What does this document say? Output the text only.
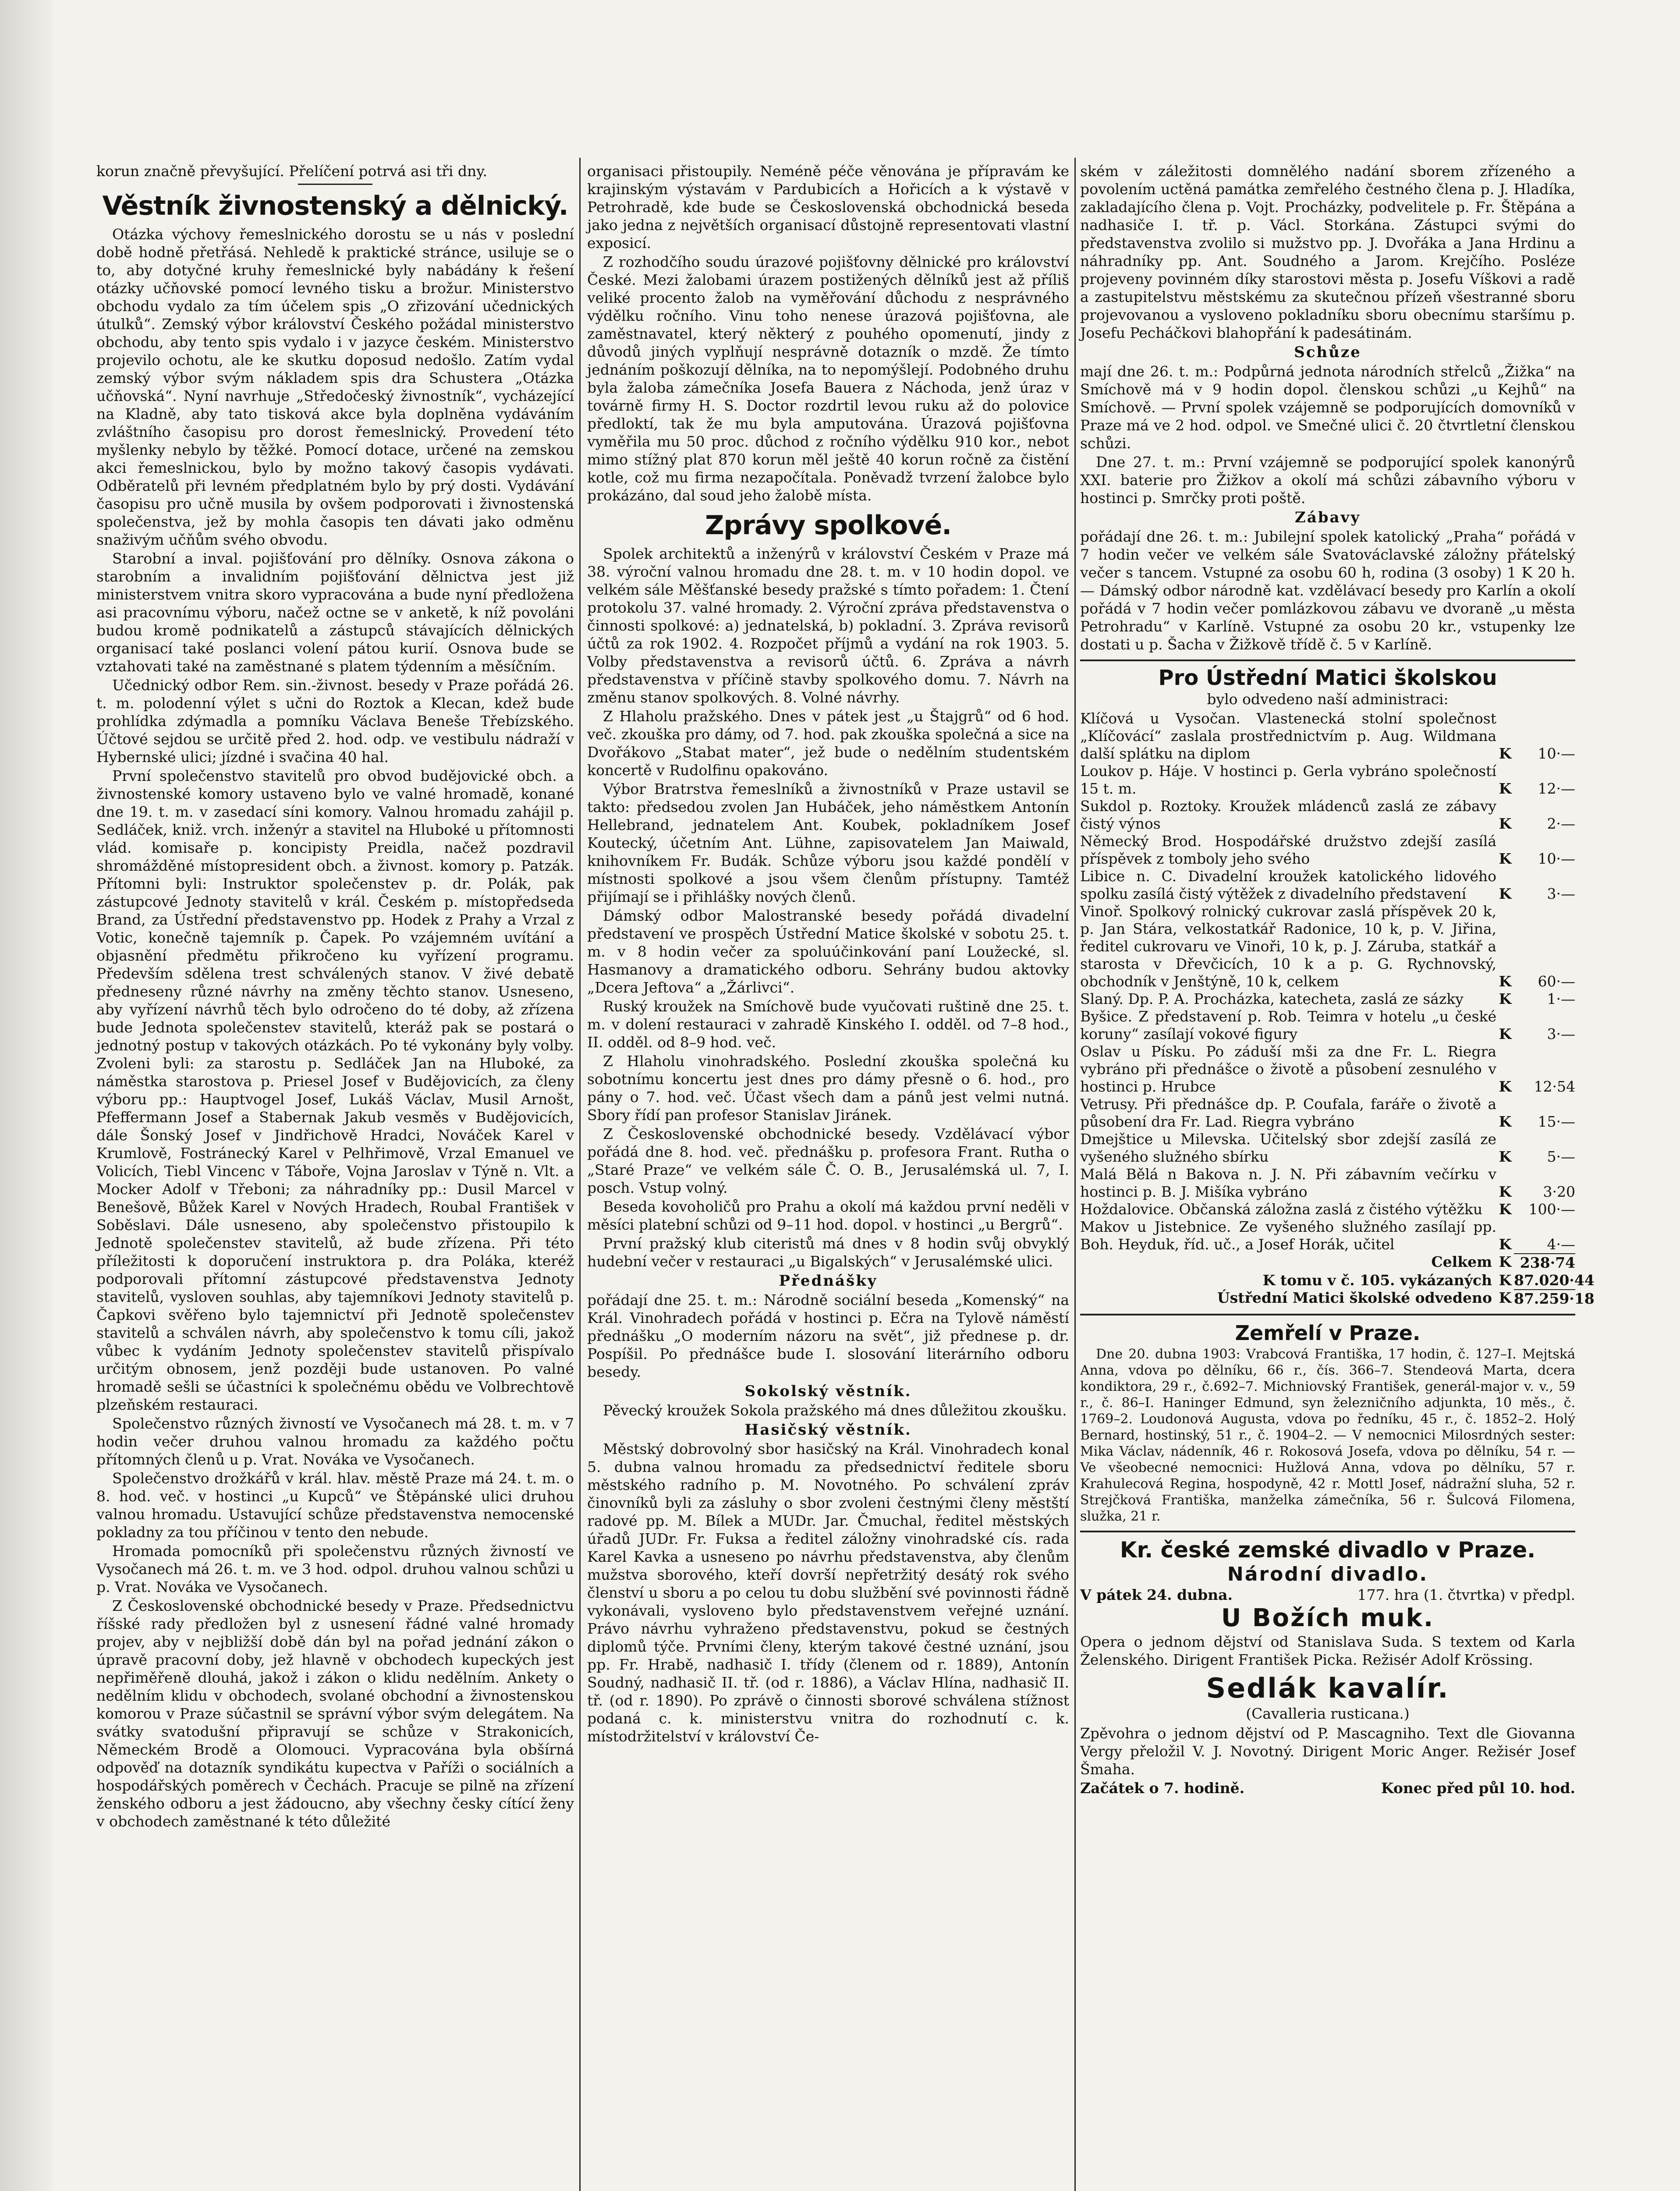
korun značně převyšující. Přelíčení potrvá asi tři dny.

Věstník živnostenský a dělnický.

Otázka výchovy řemeslnického dorostu se u nás v poslední době hodně přetřásá. Nehledě k praktické stránce, usiluje se o to, aby dotyčné kruhy řemeslnické byly nabádány k řešení otázky učňovské pomocí levného tisku a brožur. Ministerstvo obchodu vydalo za tím účelem spis „O zřizování učednických útulků“. Zemský výbor království Českého požádal ministerstvo obchodu, aby tento spis vydalo i v jazyce českém. Ministerstvo projevilo ochotu, ale ke skutku doposud nedošlo. Zatím vydal zemský výbor svým nákladem spis dra Schustera „Otázka učňovská“. Nyní navrhuje „Středočeský živnostník“, vycházející na Kladně, aby tato tisková akce byla doplněna vydáváním zvláštního časopisu pro dorost řemeslnický. Provedení této myšlenky nebylo by těžké. Pomocí dotace, určené na zemskou akci řemeslnickou, bylo by možno takový časopis vydávati. Odběratelů při levném předplatném bylo by prý dosti. Vydávání časopisu pro učně musila by ovšem podporovati i živnostenská společenstva, jež by mohla časopis ten dávati jako odměnu snaživým učňům svého obvodu.

Starobní a inval. pojišťování pro dělníky. Osnova zákona o starobním a invalidním pojišťování dělnictva jest již ministerstvem vnitra skoro vypracována a bude nyní předložena asi pracovnímu výboru, načež octne se v anketě, k níž povoláni budou kromě podnikatelů a zástupců stávajících dělnických organisací také poslanci volení pátou kurií. Osnova bude se vztahovati také na zaměstnané s platem týdenním a měsíčním.

Učednický odbor Rem. sin.-živnost. besedy v Praze pořádá 26. t. m. polodenní výlet s učni do Roztok a Klecan, kdež bude prohlídka zdýmadla a pomníku Václava Beneše Třebízského. Účtové sejdou se určitě před 2. hod. odp. ve vestibulu nádraží v Hybernské ulici; jízdné i svačina 40 hal.

První společenstvo stavitelů pro obvod budějovické obch. a živnostenské komory ustaveno bylo ve valné hromadě, konané dne 19. t. m. v zasedací síni komory. Valnou hromadu zahájil p. Sedláček, kniž. vrch. inženýr a stavitel na Hluboké u přítomnosti vlád. komisaře p. koncipisty Preidla, načež pozdravil shromážděné místopresident obch. a živnost. komory p. Patzák. Přítomni byli: Instruktor společenstev p. dr. Polák, pak zástupcové Jednoty stavitelů v král. Českém p. místopředseda Brand, za Ústřední představenstvo pp. Hodek z Prahy a Vrzal z Votic, konečně tajemník p. Čapek. Po vzájemném uvítání a objasnění předmětu přikročeno ku vyřízení programu. Především sdělena trest schválených stanov. V živé debatě předneseny různé návrhy na změny těchto stanov. Usneseno, aby vyřízení návrhů těch bylo odročeno do té doby, až zřízena bude Jednota společenstev stavitelů, kteráž pak se postará o jednotný postup v takových otázkách. Po té vykonány byly volby. Zvoleni byli: za starostu p. Sedláček Jan na Hluboké, za náměstka starostova p. Priesel Josef v Budějovicích, za členy výboru pp.: Hauptvogel Josef, Lukáš Václav, Musil Arnošt, Pfeffermann Josef a Stabernak Jakub vesměs v Budějovicích, dále Šonský Josef v Jindřichově Hradci, Nováček Karel v Krumlově, Fostránecký Karel v Pelhřimově, Vrzal Emanuel ve Volicích, Tiebl Vincenc v Táboře, Vojna Jaroslav v Týně n. Vlt. a Mocker Adolf v Třeboni; za náhradníky pp.: Dusil Marcel v Benešově, Bůžek Karel v Nových Hradech, Roubal František v Soběslavi. Dále usneseno, aby společenstvo přistoupilo k Jednotě společenstev stavitelů, až bude zřízena. Při této příležitosti k doporučení instruktora p. dra Poláka, kteréž podporovali přítomní zástupcové představenstva Jednoty stavitelů, vysloven souhlas, aby tajemníkovi Jednoty stavitelů p. Čapkovi svěřeno bylo tajemnictví při Jednotě společenstev stavitelů a schválen návrh, aby společenstvo k tomu cíli, jakož vůbec k vydáním Jednoty společenstev stavitelů přispívalo určitým obnosem, jenž později bude ustanoven. Po valné hromadě sešli se účastníci k společnému obědu ve Volbrechtově plzeňském restauraci.

Společenstvo různých živností ve Vysočanech má 28. t. m. v 7 hodin večer druhou valnou hromadu za každého počtu přítomných členů u p. Vrat. Nováka ve Vysočanech.

Společenstvo drožkářů v král. hlav. městě Praze má 24. t. m. o 8. hod. več. v hostinci „u Kupců“ ve Štěpánské ulici druhou valnou hromadu. Ustavující schůze představenstva nemocenské pokladny za tou příčinou v tento den nebude.

Hromada pomocníků při společenstvu různých živností ve Vysočanech má 26. t. m. ve 3 hod. odpol. druhou valnou schůzi u p. Vrat. Nováka ve Vysočanech.

Z Československé obchodnické besedy v Praze. Předsednictvu říšské rady předložen byl z usnesení řádné valné hromady projev, aby v nejbližší době dán byl na pořad jednání zákon o úpravě pracovní doby, jež hlavně v obchodech kupeckých jest nepřiměřeně dlouhá, jakož i zákon o klidu nedělním. Ankety o nedělním klidu v obchodech, svolané obchodní a živnostenskou komorou v Praze súčastnil se správní výbor svým delegátem. Na svátky svatodušní připravují se schůze v Strakonicích, Německém Brodě a Olomouci. Vypracována byla obšírná odpověď na dotazník syndikátu kupectva v Paříži o sociálních a hospodářských poměrech v Čechách. Pracuje se pilně na zřízení ženského odboru a jest žádoucno, aby všechny česky cítící ženy v obchodech zaměstnané k této důležité

organisaci přistoupily. Neméně péče věnována je přípravám ke krajinským výstavám v Pardubicích a Hořicích a k výstavě v Petrohradě, kde bude se Československá obchodnická beseda jako jedna z největších organisací důstojně representovati vlastní exposicí.

Z rozhodčího soudu úrazové pojišťovny dělnické pro království České. Mezi žalobami úrazem postižených dělníků jest až příliš veliké procento žalob na vyměřování důchodu z nesprávného výdělku ročního. Vinu toho nenese úrazová pojišťovna, ale zaměstnavatel, který některý z pouhého opomenutí, jindy z důvodů jiných vyplňují nesprávně dotazník o mzdě. Že tímto jednáním poškozují dělníka, na to nepomýšlejí. Podobného druhu byla žaloba zámečníka Josefa Bauera z Náchoda, jenž úraz v továrně firmy H. S. Doctor rozdrtil levou ruku až do polovice předloktí, tak že mu byla amputována. Úrazová pojišťovna vyměřila mu 50 proc. důchod z ročního výdělku 910 kor., nebot mimo stížný plat 870 korun měl ještě 40 korun ročně za čistění kotle, což mu firma nezapočítala. Poněvadž tvrzení žalobce bylo prokázáno, dal soud jeho žalobě místa.

Zprávy spolkové.

Spolek architektů a inženýrů v království Českém v Praze má 38. výroční valnou hromadu dne 28. t. m. v 10 hodin dopol. ve velkém sále Měšťanské besedy pražské s tímto pořadem: 1. Čtení protokolu 37. valné hromady. 2. Výroční zpráva představenstva o činnosti spolkové: a) jednatelská, b) pokladní. 3. Zpráva revisorů účtů za rok 1902. 4. Rozpočet příjmů a vydání na rok 1903. 5. Volby představenstva a revisorů účtů. 6. Zpráva a návrh představenstva v příčině stavby spolkového domu. 7. Návrh na změnu stanov spolkových. 8. Volné návrhy.

Z Hlaholu pražského. Dnes v pátek jest „u Štajgrů“ od 6 hod. več. zkouška pro dámy, od 7. hod. pak zkouška společná a sice na Dvořákovo „Stabat mater“, jež bude o nedělním studentském koncertě v Rudolfinu opakováno.

Výbor Bratrstva řemeslníků a živnostníků v Praze ustavil se takto: předsedou zvolen Jan Hubáček, jeho náměstkem Antonín Hellebrand, jednatelem Ant. Koubek, pokladníkem Josef Koutecký, účetním Ant. Lühne, zapisovatelem Jan Maiwald, knihovníkem Fr. Budák. Schůze výboru jsou každé pondělí v místnosti spolkové a jsou všem členům přístupny. Tamtéž přijímají se i přihlášky nových členů.

Dámský odbor Malostranské besedy pořádá divadelní představení ve prospěch Ústřední Matice školské v sobotu 25. t. m. v 8 hodin večer za spoluúčinkování paní Loužecké, sl. Hasmanovy a dramatického odboru. Sehrány budou aktovky „Dcera Jeftova“ a „Žárlivci“.

Ruský kroužek na Smíchově bude vyučovati ruštině dne 25. t. m. v dolení restauraci v zahradě Kinského I. odděl. od 7–8 hod., II. odděl. od 8–9 hod. več.

Z Hlaholu vinohradského. Poslední zkouška společná ku sobotnímu koncertu jest dnes pro dámy přesně o 6. hod., pro pány o 7. hod. več. Účast všech dam a pánů jest velmi nutná. Sbory řídí pan profesor Stanislav Jiránek.

Z Československé obchodnické besedy. Vzdělávací výbor pořádá dne 8. hod. več. přednášku p. profesora Frant. Rutha o „Staré Praze“ ve velkém sále Č. O. B., Jerusalémská ul. 7, I. posch. Vstup volný.

Beseda kovoholičů pro Prahu a okolí má každou první neděli v měsíci platební schůzi od 9–11 hod. dopol. v hostinci „u Bergrů“.

První pražský klub citeristů má dnes v 8 hodin svůj obvyklý hudební večer v restauraci „u Bigalských“ v Jerusalémské ulici.

Přednášky

pořádají dne 25. t. m.: Národně sociální beseda „Komenský“ na Král. Vinohradech pořádá v hostinci p. Ečra na Tylově náměstí přednášku „O moderním názoru na svět“, již přednese p. dr. Pospíšil. Po přednášce bude I. slosování literárního odboru besedy.

Sokolský věstník.

Pěvecký kroužek Sokola pražského má dnes důležitou zkoušku.

Hasičský věstník.

Městský dobrovolný sbor hasičský na Král. Vinohradech konal 5. dubna valnou hromadu za předsednictví ředitele sboru městského radního p. M. Novotného. Po schválení zpráv činovníků byli za zásluhy o sbor zvoleni čestnými členy městští radové pp. M. Bílek a MUDr. Jar. Čmuchal, ředitel městských úřadů JUDr. Fr. Fuksa a ředitel záložny vinohradské cís. rada Karel Kavka a usneseno po návrhu představenstva, aby členům mužstva sborového, kteří dovrší nepřetržitý desátý rok svého členství u sboru a po celou tu dobu službění své povinnosti řádně vykonávali, vysloveno bylo představenstvem veřejné uznání. Právo návrhu vyhraženo představenstvu, pokud se čestných diplomů týče. Prvními členy, kterým takové čestné uznání, jsou pp. Fr. Hrabě, nadhasič I. třídy (členem od r. 1889), Antonín Soudný, nadhasič II. tř. (od r. 1886), a Václav Hlína, nadhasič II. tř. (od r. 1890). Po zprávě o činnosti sborové schválena stížnost podaná c. k. ministerstvu vnitra do rozhodnutí c. k. místodržitelství v království Če-

ském v záležitosti domnělého nadání sborem zřízeného a povolením uctěná památka zemřelého čestného člena p. J. Hladíka, zakladajícího člena p. Vojt. Procházky, podvelitele p. Fr. Štěpána a nadhasiče I. tř. p. Václ. Storkána. Zástupci svými do představenstva zvolilo si mužstvo pp. J. Dvořáka a Jana Hrdinu a náhradníky pp. Ant. Soudného a Jarom. Krejčího. Posléze projeveny povinném díky starostovi města p. Josefu Víškovi a radě a zastupitelstvu městskému za skutečnou přízeň všestranné sboru projevovanou a vysloveno pokladníku sboru obecnímu staršímu p. Josefu Pecháčkovi blahopřání k padesátinám.

Schůze

mají dne 26. t. m.: Podpůrná jednota národních střelců „Žižka“ na Smíchově má v 9 hodin dopol. členskou schůzi „u Kejhů“ na Smíchově. — První spolek vzájemně se podporujících domovníků v Praze má ve 2 hod. odpol. ve Smečné ulici č. 20 čtvrtletní členskou schůzi.

Dne 27. t. m.: První vzájemně se podporující spolek kanonýrů XXI. baterie pro Žižkov a okolí má schůzi zábavního výboru v hostinci p. Smrčky proti poště.

Zábavy

pořádají dne 26. t. m.: Jubilejní spolek katolický „Praha“ pořádá v 7 hodin večer ve velkém sále Svatováclavské záložny přátelský večer s tancem. Vstupné za osobu 60 h, rodina (3 osoby) 1 K 20 h. — Dámský odbor národně kat. vzdělávací besedy pro Karlín a okolí pořádá v 7 hodin večer pomlázkovou zábavu ve dvoraně „u města Petrohradu“ v Karlíně. Vstupné za osobu 20 kr., vstupenky lze dostati u p. Šacha v Žižkově třídě č. 5 v Karlíně.

Pro Ústřední Matici školskou
bylo odvedeno naší administraci:
Klíčová u Vysočan. Vlastenecká stolní společnost „Klíčovácí“ zaslala prostřednictvím p. Aug. Wildmana další splátku na diplom	K	10·—
Loukov p. Háje. V hostinci p. Gerla vybráno společností 15 t. m.	K	12·—
Sukdol p. Roztoky. Kroužek mládenců zaslá ze zábavy čistý výnos	K	2·—
Německý Brod. Hospodářské družstvo zdejší zasílá příspěvek z tomboly jeho svého	K	10·—
Libice n. C. Divadelní kroužek katolického lidového spolku zasílá čistý výtěžek z divadelního představení	K	3·—
Vinoř. Spolkový rolnický cukrovar zaslá příspěvek 20 k, p. Jan Stára, velkostatkář Radonice, 10 k, p. V. Jiřina, ředitel cukrovaru ve Vinoři, 10 k, p. J. Záruba, statkář a starosta v Dřevčicích, 10 k a p. G. Rychnovský, obchodník v Jenštýně, 10 k, celkem	K	60·—
Slaný. Dp. P. A. Procházka, katecheta, zaslá ze sázky	K	1·—
Byšice. Z představení p. Rob. Teimra v hotelu „u české koruny“ zasílají vokové figury	K	3·—
Oslav u Písku. Po záduší mši za dne Fr. L. Riegra vybráno při přednášce o životě a působení zesnulého v hostinci p. Hrubce	K	12·54
Vetrusy. Při přednášce dp. P. Coufala, faráře o životě a působení dra Fr. Lad. Riegra vybráno	K	15·—
Dmejštice u Milevska. Učitelský sbor zdejší zasílá ze vyšeného služného sbírku	K	5·—
Malá Bělá n Bakova n. J. N. Při zábavním večírku v hostinci p. B. J. Mišíka vybráno	K	3·20
Hoždalovice. Občanská záložna zaslá z čistého výtěžku	K	100·—
Makov u Jistebnice. Ze vyšeného služného zasílají pp. Boh. Heyduk, říd. uč., a Josef Horák, učitel	K	4·—
Celkem K 238·74
K tomu v č. 105. vykázaných K 87.020·44
Ústřední Matici školské odvedeno K 87.259·18
Zemřelí v Praze.

Dne 20. dubna 1903: Vrabcová Františka, 17 hodin, č. 127–I. Mejtská Anna, vdova po dělníku, 66 r., čís. 366–7. Stendeová Marta, dcera kondiktora, 29 r., č.692–7. Michniovský František, generál-major v. v., 59 r., č. 86–I. Haninger Edmund, syn železničního adjunkta, 10 měs., č. 1769–2. Loudonová Augusta, vdova po ředníku, 45 r., č. 1852–2. Holý Bernard, hostinský, 51 r., č. 1904–2. — V nemocnici Milosrdných sester: Mika Václav, nádenník, 46 r. Rokosová Josefa, vdova po dělníku, 54 r. — Ve všeobecné nemocnici: Hužlová Anna, vdova po dělníku, 57 r. Krahulecová Regina, hospodyně, 42 r. Mottl Josef, nádražní sluha, 52 r. Strejčková Františka, manželka zámečníka, 56 r. Šulcová Filomena, služka, 21 r.

Kr. české zemské divadlo v Praze.
Národní divadlo.
V pátek 24. dubna.	177. hra (1. čtvrtka) v předpl.
U Božích muk.

Opera o jednom dějství od Stanislava Suda. S textem od Karla Želenského. Dirigent František Picka. Režisér Adolf Krössing.

Sedlák kavalír.
(Cavalleria rusticana.)

Zpěvohra o jednom dějství od P. Mascagniho. Text dle Giovanna Vergy přeložil V. J. Novotný. Dirigent Moric Anger. Režisér Josef Šmaha.

Začátek o 7. hodině.	Konec před půl 10. hod.
